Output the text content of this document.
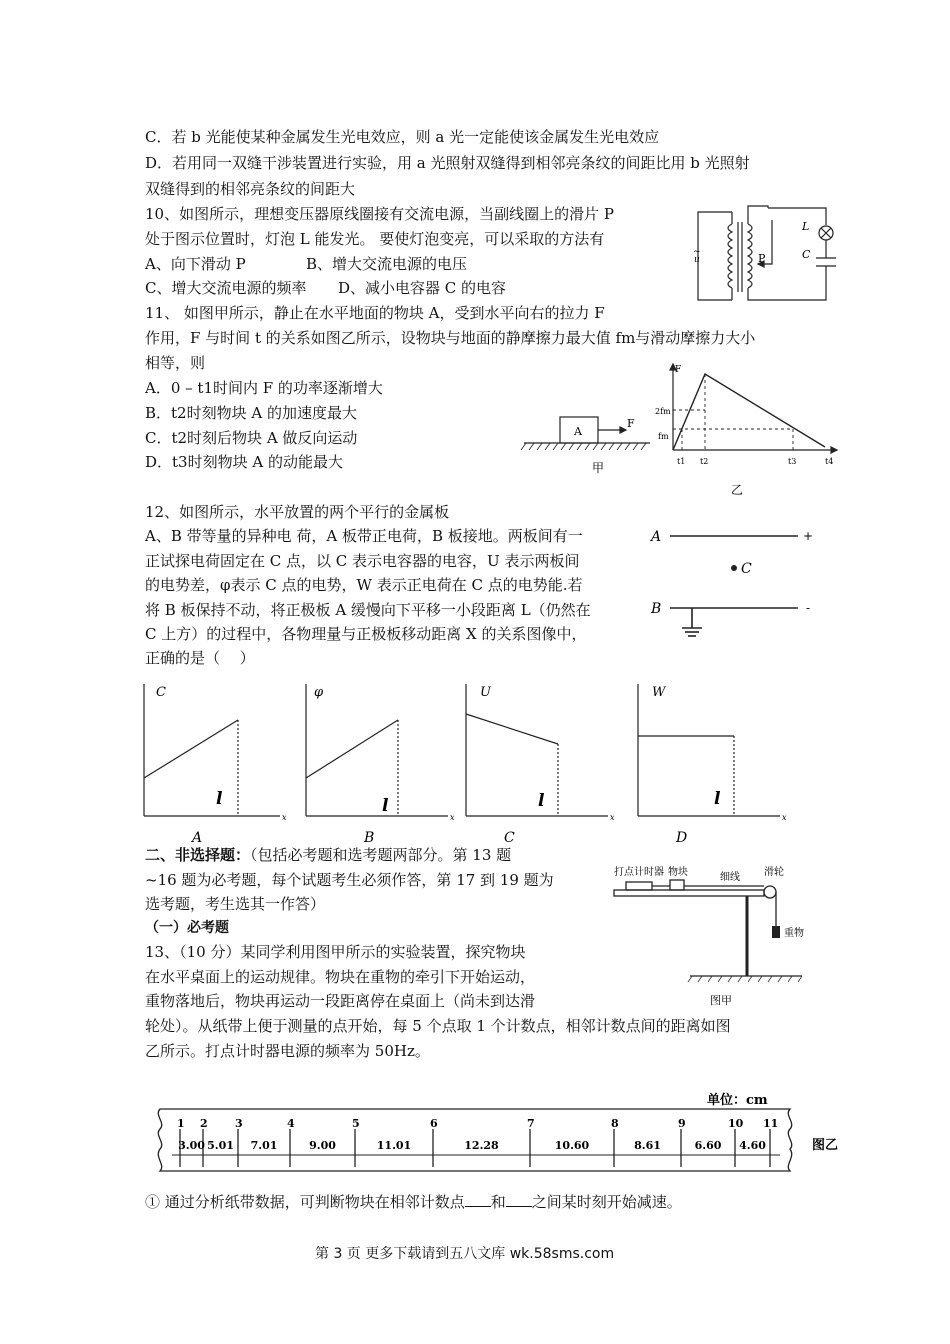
C．若 b 光能使某种金属发生光电效应，则 a 光一定能使该金属发生光电效应
D．若用同一双缝干涉装置进行实验，用 a 光照射双缝得到相邻亮条纹的间距比用 b 光照射
双缝得到的相邻亮条纹的间距大
10、如图所示，理想变压器原线圈接有交流电源，当副线圈上的滑片 P
处于图示位置时，灯泡 L 能发光。 要使灯泡变亮，可以采取的方法有
A、向下滑动 P	B、增大交流电源的电压
C、增大交流电源的频率 D、减小电容器 C 的电容
L
C
P
u
~
11、 如图甲所示，静止在水平地面的物块 A，受到水平向右的拉力 F
作用，F 与时间 t 的关系如图乙所示，设物块与地面的静摩擦力最大值 fm与滑动摩擦力大小
相等，则
A．0 – t1时间内 F 的功率逐渐增大
B．t2时刻物块 A 的加速度最大
C．t2时刻后物块 A 做反向运动
D．t3时刻物块 A 的动能最大
A
F
甲
F
2fm
fm
t1 t2	t3	t4
乙
12、如图所示，水平放置的两个平行的金属板
A、B 带等量的异种电 荷，A 板带正电荷，B 板接地。两板间有一
正试探电荷固定在 C 点，以 C 表示电容器的电容，U 表示两板间
的电势差，φ表示 C 点的电势，W 表示正电荷在 C 点的电势能.若
将 B 板保持不动，将正极板 A 缓慢向下平移一小段距离 L（仍然在
C 上方）的过程中，各物理量与正极板移动距离 X 的关系图像中，
正确的是（　 ）
A
B
C
+
-
C
x
l
A
φ
x
l
B
U
x
l
C
W
x
l
D
二、非选择题：（包括必考题和选考题两部分。第 13 题
~16 题为必考题，每个试题考生必须作答，第 17 到 19 题为
选考题，考生选其一作答）
（一）必考题
13、（10 分）某同学利用图甲所示的实验装置，探究物块
在水平桌面上的运动规律。物块在重物的牵引下开始运动，
重物落地后，物块再运动一段距离停在桌面上（尚未到达滑
轮处）。从纸带上便于测量的点开始，每 5 个点取 1 个计数点，相邻计数点间的距离如图
乙所示。打点计时器电源的频率为 50Hz。
打点计时器 物块	细线 滑轮
重物
图甲
单位：cm
图乙
1 2 3	4	5	6	7	8	9	10 11
3.00 5.01 7.01	9.00	11.01	12.28	10.60	8.61	6.60 4.60
① 通过分析纸带数据，可判断物块在相邻计数点 和 之间某时刻开始减速。
第 3 页 更多下载请到五八文库 wk.58sms.com
